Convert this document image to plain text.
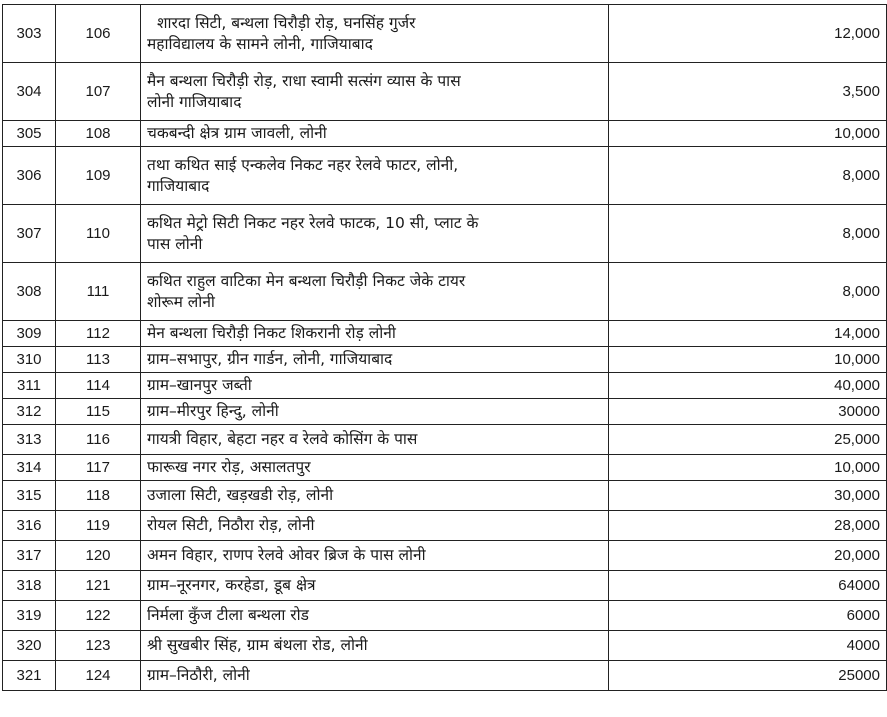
303	106	शारदा सिटी, बन्थला चिरौड़ी रोड़, घनसिंह गुर्जर
महाविद्यालय के सामने लोनी, गाजियाबाद	12,000
304	107	मैन बन्थला चिरौड़ी रोड़, राधा स्वामी सत्संग व्यास के पास
लोनी गाजियाबाद	3,500
305	108	चकबन्दी क्षेत्र ग्राम जावली, लोनी	10,000
306	109	तथा कथित साई एन्कलेव निकट नहर रेलवे फाटर, लोनी,
गाजियाबाद	8,000
307	110	कथित मेट्रो सिटी निकट नहर रेलवे फाटक, 10 सी, प्लाट के
पास लोनी	8,000
308	111	कथित राहुल वाटिका मेन बन्थला चिरौड़ी निकट जेके टायर
शोरूम लोनी	8,000
309	112	मेन बन्थला चिरौड़ी निकट शिकरानी रोड़ लोनी	14,000
310	113	ग्राम–सभापुर, ग्रीन गार्डन, लोनी, गाजियाबाद	10,000
311	114	ग्राम–खानपुर जब्ती	40,000
312	115	ग्राम–मीरपुर हिन्दु, लोनी	30000
313	116	गायत्री विहार, बेहटा नहर व रेलवे कोसिंग के पास	25,000
314	117	फारूख नगर रोड़, असालतपुर	10,000
315	118	उजाला सिटी, खड़खडी रोड़, लोनी	30,000
316	119	रोयल सिटी, निठौरा रोड़, लोनी	28,000
317	120	अमन विहार, राणप रेलवे ओवर ब्रिज के पास लोनी	20,000
318	121	ग्राम–नूरनगर, करहेडा, डूब क्षेत्र	64000
319	122	निर्मला कुँज टीला बन्थला रोड	6000
320	123	श्री सुखबीर सिंह, ग्राम बंथला रोड, लोनी	4000
321	124	ग्राम–निठौरी, लोनी	25000
